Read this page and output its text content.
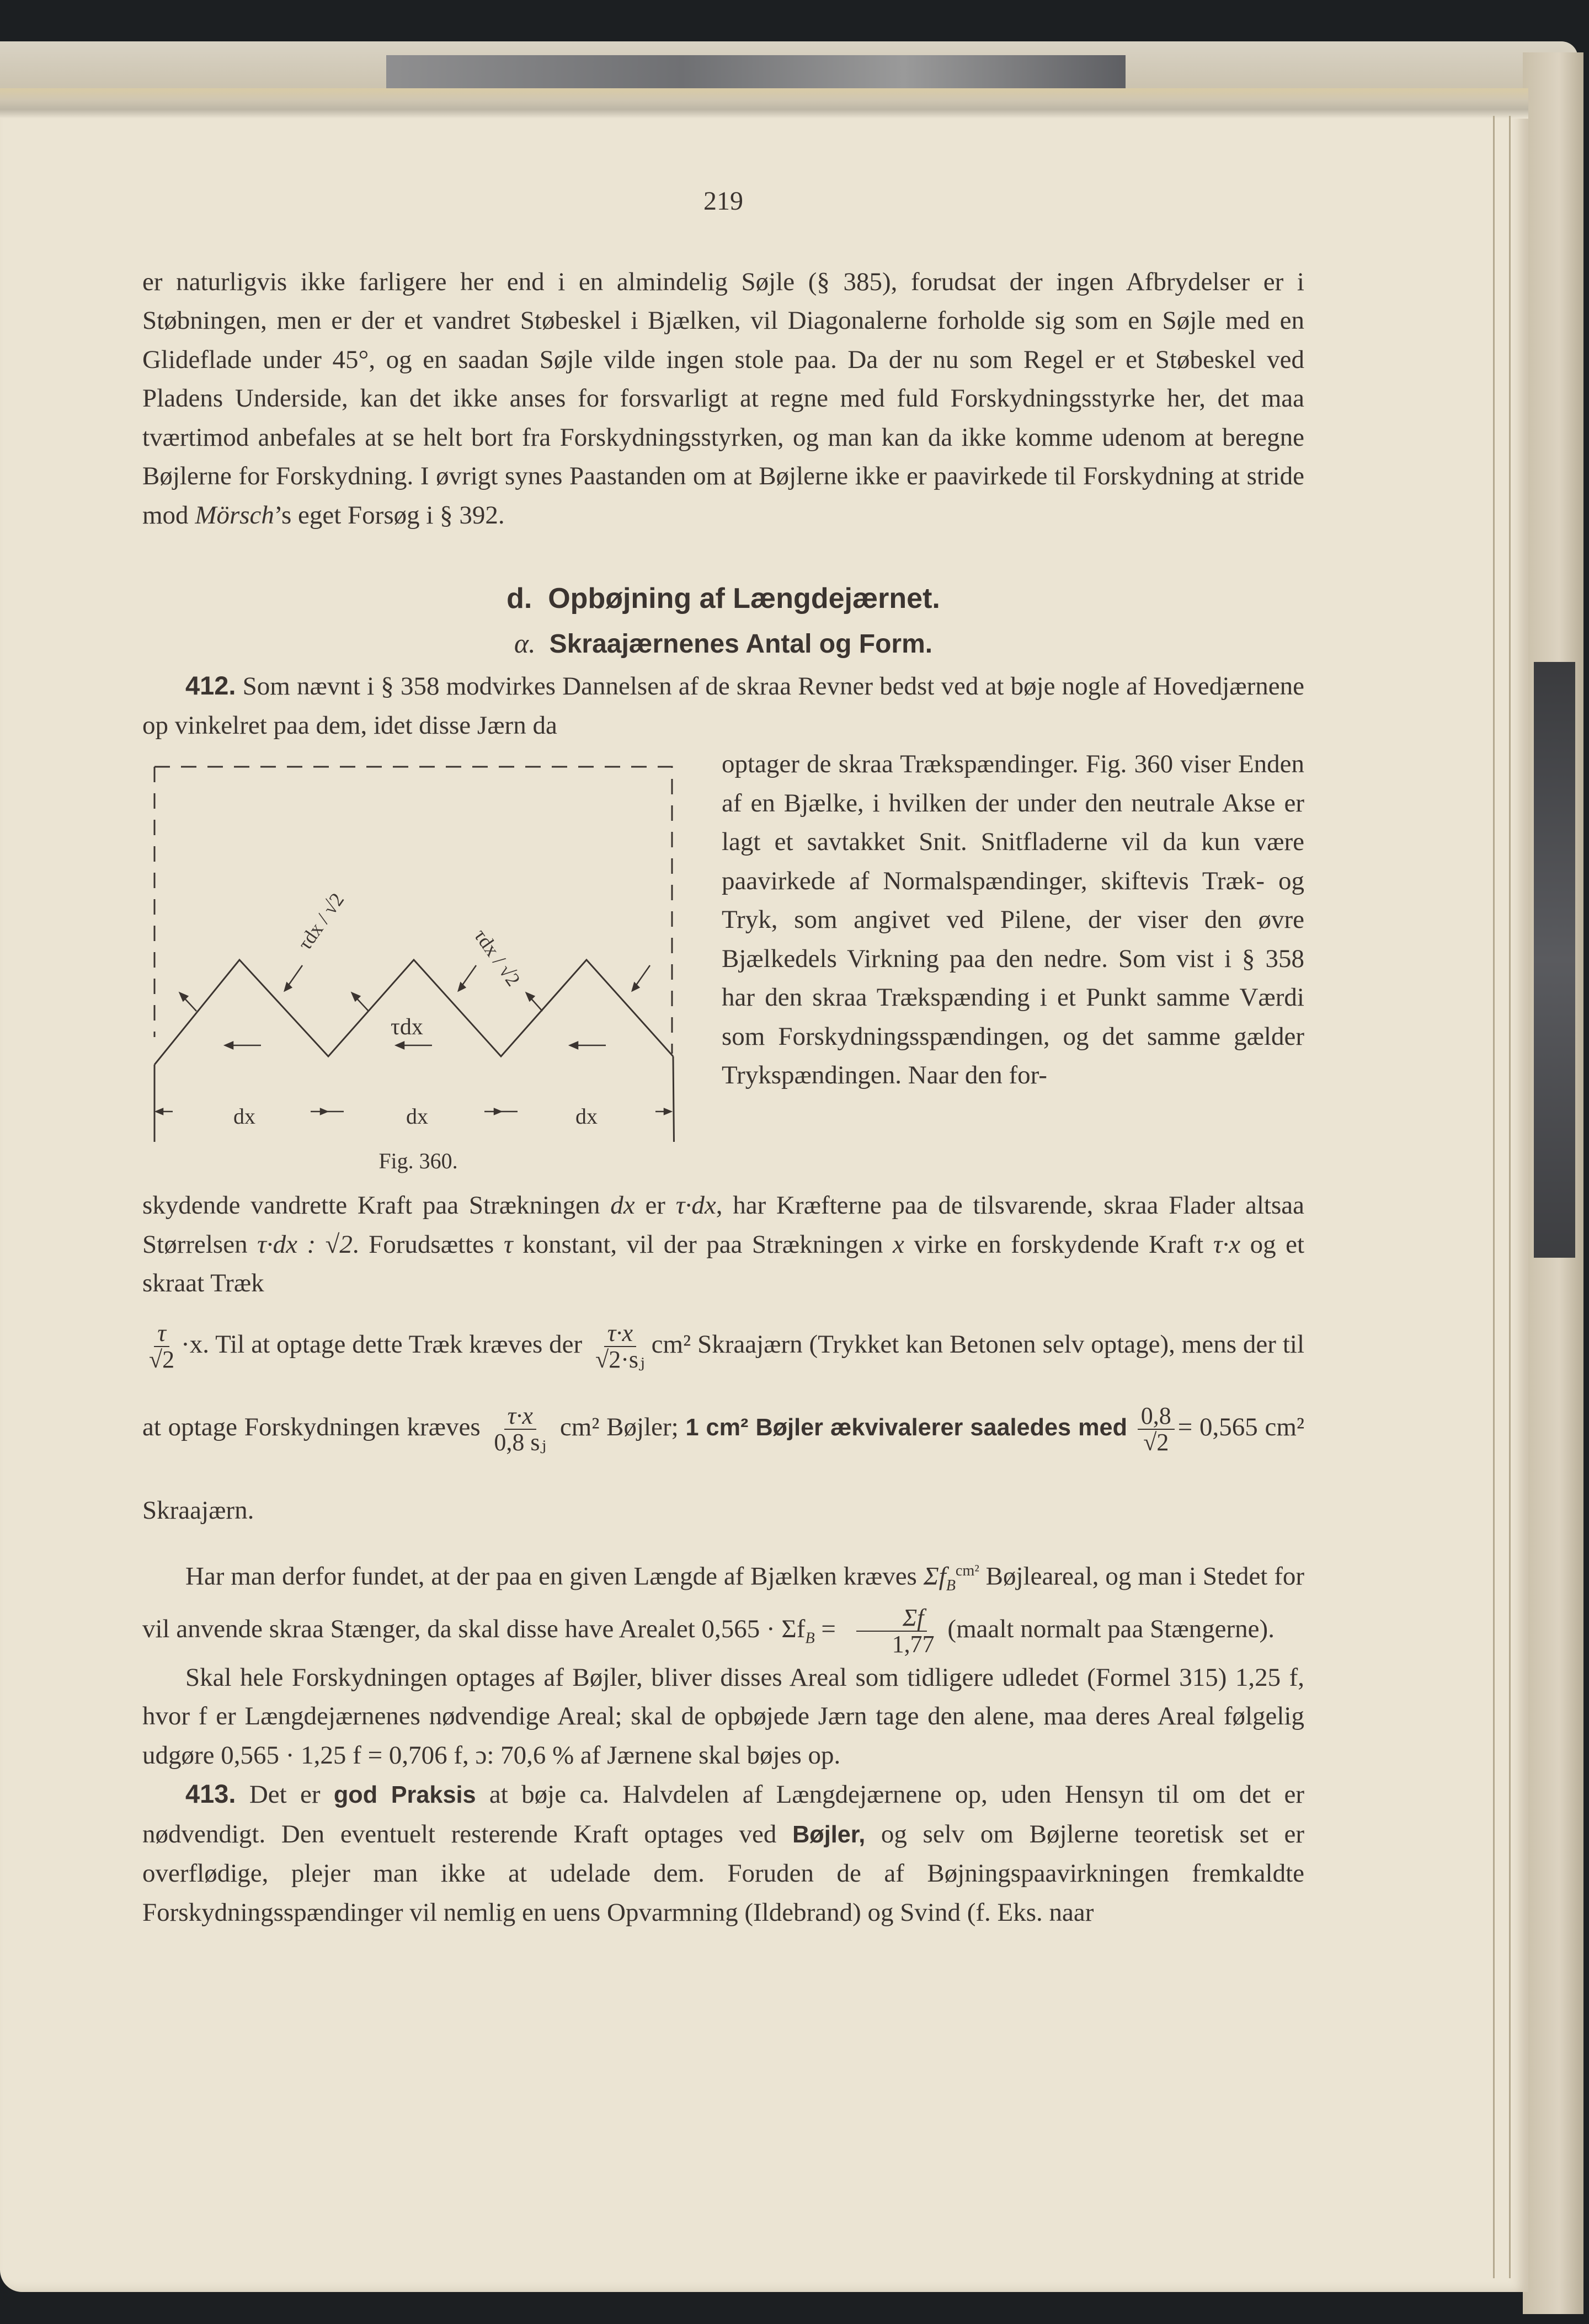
219

er naturligvis ikke farligere her end i en almindelig Søjle (§ 385), forudsat der ingen Afbrydelser er i Støbningen, men er der et vandret Støbeskel i Bjælken, vil Diagonalerne forholde sig som en Søjle med en Glideflade under 45°, og en saadan Søjle vilde ingen stole paa. Da der nu som Regel er et Støbeskel ved Pladens Underside, kan det ikke anses for forsvarligt at regne med fuld Forskydningsstyrke her, det maa tværtimod anbefales at se helt bort fra Forskydningsstyrken, og man kan da ikke komme udenom at beregne Bøjlerne for Forskydning. I øvrigt synes Paastanden om at Bøjlerne ikke er paavirkede til Forskydning at stride mod Mörsch’s eget Forsøg i § 392.

d. Opbøjning af Længdejærnet.
α. Skraajærnenes Antal og Form.

412. Som nævnt i § 358 modvirkes Dannelsen af de skraa Revner bedst ved at bøje nogle af Hovedjærnene op vinkelret paa dem, idet disse Jærn da

dx	dx	dx
τdx
τdx / √2
τdx / √2
Fig. 360.

optager de skraa Trækspændinger. Fig. 360 viser Enden af en Bjælke, i hvilken der under den neutrale Akse er lagt et savtakket Snit. Snitfladerne vil da kun være paavirkede af Normalspændinger, skiftevis Træk- og Tryk, som angivet ved Pilene, der viser den øvre Bjælkedels Virkning paa den nedre. Som vist i § 358 har den skraa Trækspænding i et Punkt samme Værdi som Forskydningsspændingen, og det samme gælder Trykspændingen. Naar den for-

skydende vandrette Kraft paa Strækningen dx er τ·dx, har Kræfterne paa de tilsvarende, skraa Flader altsaa Størrelsen τ·dx : √2. Forudsættes τ konstant, vil der paa Strækningen x virke en forskydende Kraft τ·x og et skraat Træk

$\frac{\tau}{√2} \cdot x$. Til at optage dette Træk kræves der $\frac{\tau\cdot x}{\text{√2·sⱼ}} cm^2$ Skraajærn (Trykket kan Betonen selv optage), mens der til at optage Forskydningen kræves $\frac{\tau\cdot x}{\text{0,8 sⱼ}} cm^2$ Bøjler; 1 cm² Bøjler ækvivalerer saaledes med $\frac{0,8}{√2} = 0,565$ cm² Skraajærn.

Har man derfor fundet, at der paa en given Længde af Bjælken kræves $\Sigma f_B^{cm^2}$ Bøjleareal, og man i Stedet for vil anvende skraa Stænger, da skal disse have Arealet $0,565 \cdot \Sigma f_B = \frac{\Sigma f}{1,77}$ (maalt normalt paa Stængerne).

Skal hele Forskydningen optages af Bøjler, bliver disses Areal som tidligere udledet (Formel 315) 1,25 f, hvor f er Længdejærnenes nødvendige Areal; skal de opbøjede Jærn tage den alene, maa deres Areal følgelig udgøre 0,565 · 1,25 f = 0,706 f, ɔ: 70,6 % af Jærnene skal bøjes op.

413. Det er god Praksis at bøje ca. Halvdelen af Længdejærnene op, uden Hensyn til om det er nødvendigt. Den eventuelt resterende Kraft optages ved Bøjler, og selv om Bøjlerne teoretisk set er overflødige, plejer man ikke at udelade dem. Foruden de af Bøjningspaavirkningen fremkaldte Forskydningsspændinger vil nemlig en uens Opvarmning (Ildebrand) og Svind (f. Eks. naar
